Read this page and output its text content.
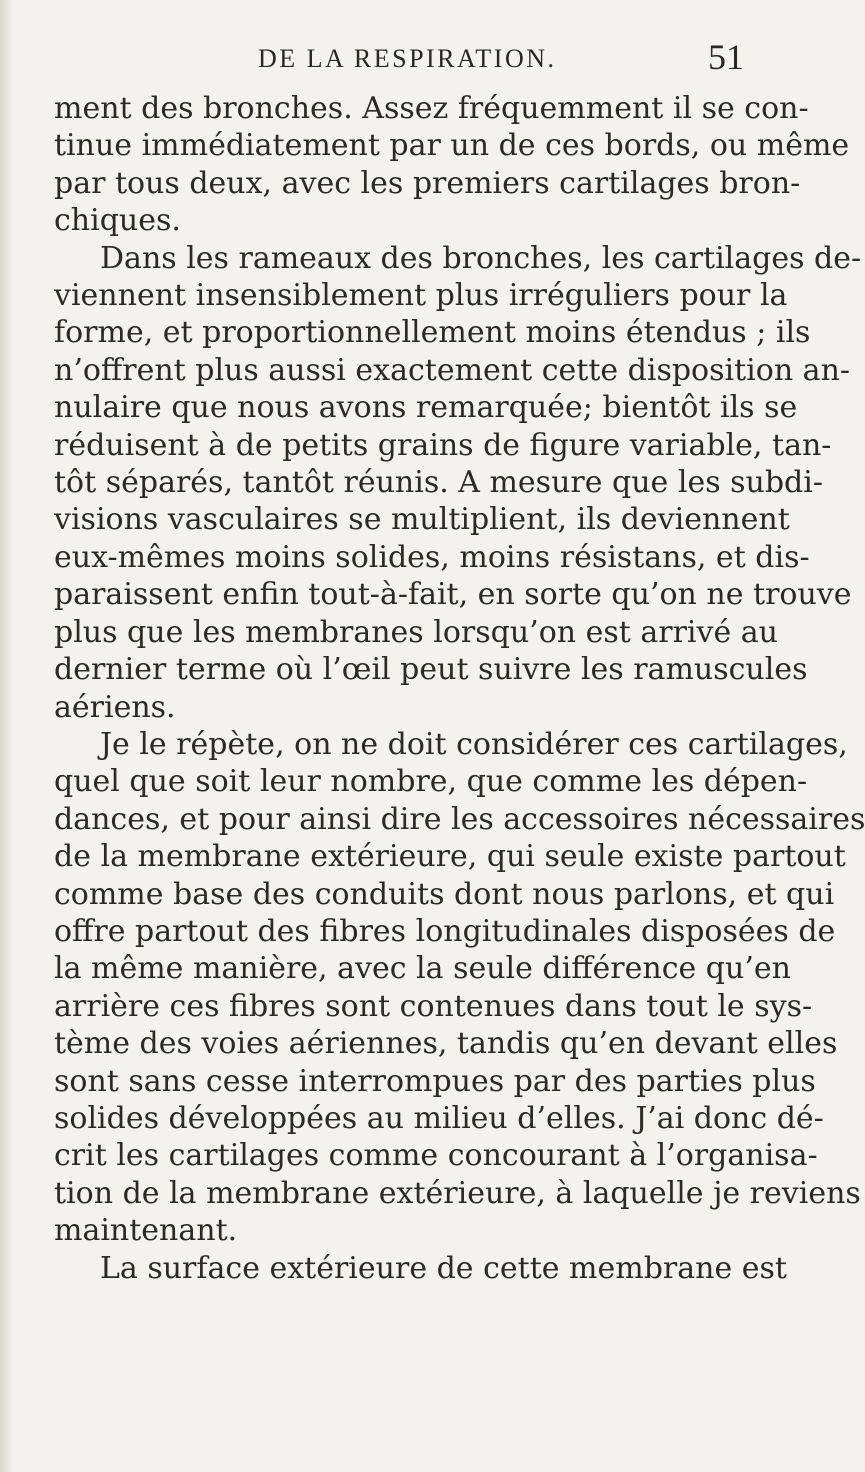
DE LA RESPIRATION.	51
ment des bronches. Assez fréquemment il se con-
tinue immédiatement par un de ces bords, ou même
par tous deux, avec les premiers cartilages bron-
chiques.
Dans les rameaux des bronches, les cartilages de-
viennent insensiblement plus irréguliers pour la
forme, et proportionnellement moins étendus ; ils
n’offrent plus aussi exactement cette disposition an-
nulaire que nous avons remarquée; bientôt ils se
réduisent à de petits grains de figure variable, tan-
tôt séparés, tantôt réunis. A mesure que les subdi-
visions vasculaires se multiplient, ils deviennent
eux-mêmes moins solides, moins résistans, et dis-
paraissent enfin tout-à-fait, en sorte qu’on ne trouve
plus que les membranes lorsqu’on est arrivé au
dernier terme où l’œil peut suivre les ramuscules
aériens.
Je le répète, on ne doit considérer ces cartilages,
quel que soit leur nombre, que comme les dépen-
dances, et pour ainsi dire les accessoires nécessaires
de la membrane extérieure, qui seule existe partout
comme base des conduits dont nous parlons, et qui
offre partout des fibres longitudinales disposées de
la même manière, avec la seule différence qu’en
arrière ces fibres sont contenues dans tout le sys-
tème des voies aériennes, tandis qu’en devant elles
sont sans cesse interrompues par des parties plus
solides développées au milieu d’elles. J’ai donc dé-
crit les cartilages comme concourant à l’organisa-
tion de la membrane extérieure, à laquelle je reviens
maintenant.
La surface extérieure de cette membrane est
